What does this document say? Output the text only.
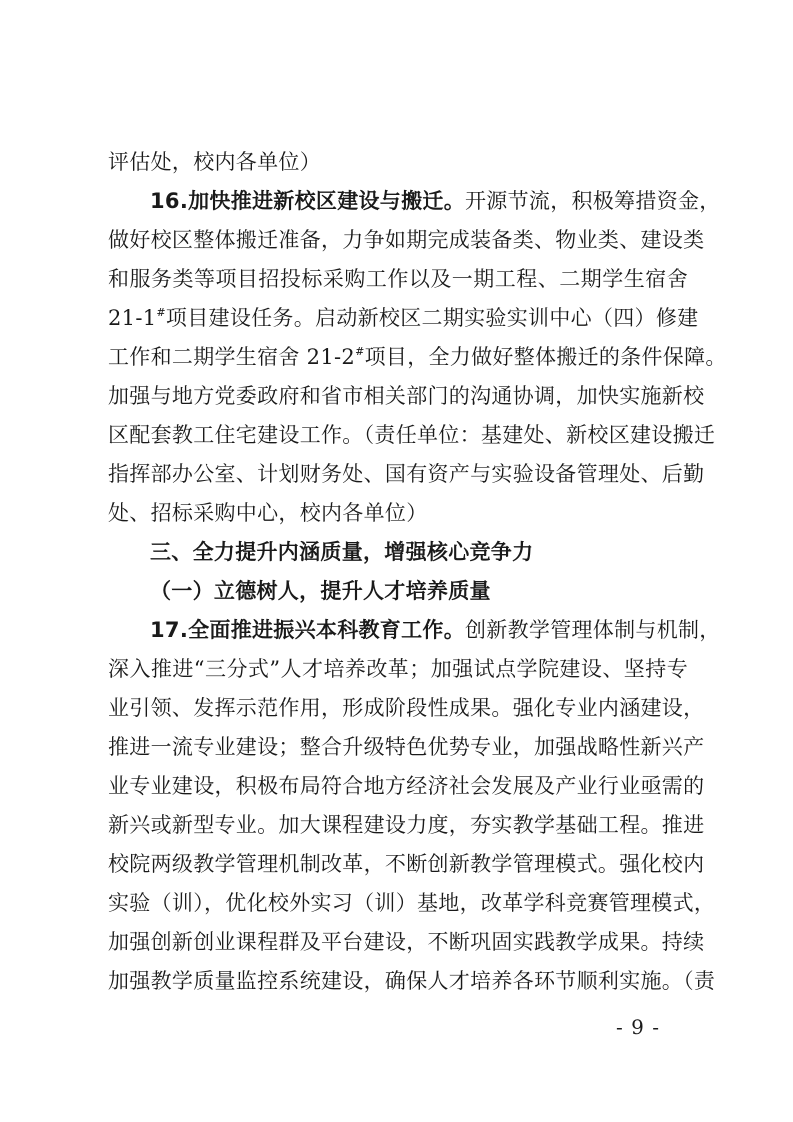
评估处，校内各单位）
16.加快推进新校区建设与搬迁。开源节流，积极筹措资金，
做好校区整体搬迁准备，力争如期完成装备类、物业类、建设类
和服务类等项目招投标采购工作以及一期工程、二期学生宿舍
21-1#项目建设任务。启动新校区二期实验实训中心（四）修建
工作和二期学生宿舍 21-2#项目，全力做好整体搬迁的条件保障。
加强与地方党委政府和省市相关部门的沟通协调，加快实施新校
区配套教工住宅建设工作。（责任单位：基建处、新校区建设搬迁
指挥部办公室、计划财务处、国有资产与实验设备管理处、后勤
处、招标采购中心，校内各单位）
三、全力提升内涵质量，增强核心竞争力
（一）立德树人，提升人才培养质量
17.全面推进振兴本科教育工作。创新教学管理体制与机制，
深入推进“三分式”人才培养改革；加强试点学院建设、坚持专
业引领、发挥示范作用，形成阶段性成果。强化专业内涵建设，
推进一流专业建设；整合升级特色优势专业，加强战略性新兴产
业专业建设，积极布局符合地方经济社会发展及产业行业亟需的
新兴或新型专业。加大课程建设力度，夯实教学基础工程。推进
校院两级教学管理机制改革，不断创新教学管理模式。强化校内
实验（训），优化校外实习（训）基地，改革学科竞赛管理模式，
加强创新创业课程群及平台建设，不断巩固实践教学成果。持续
加强教学质量监控系统建设，确保人才培养各环节顺利实施。（责
- 9 -
